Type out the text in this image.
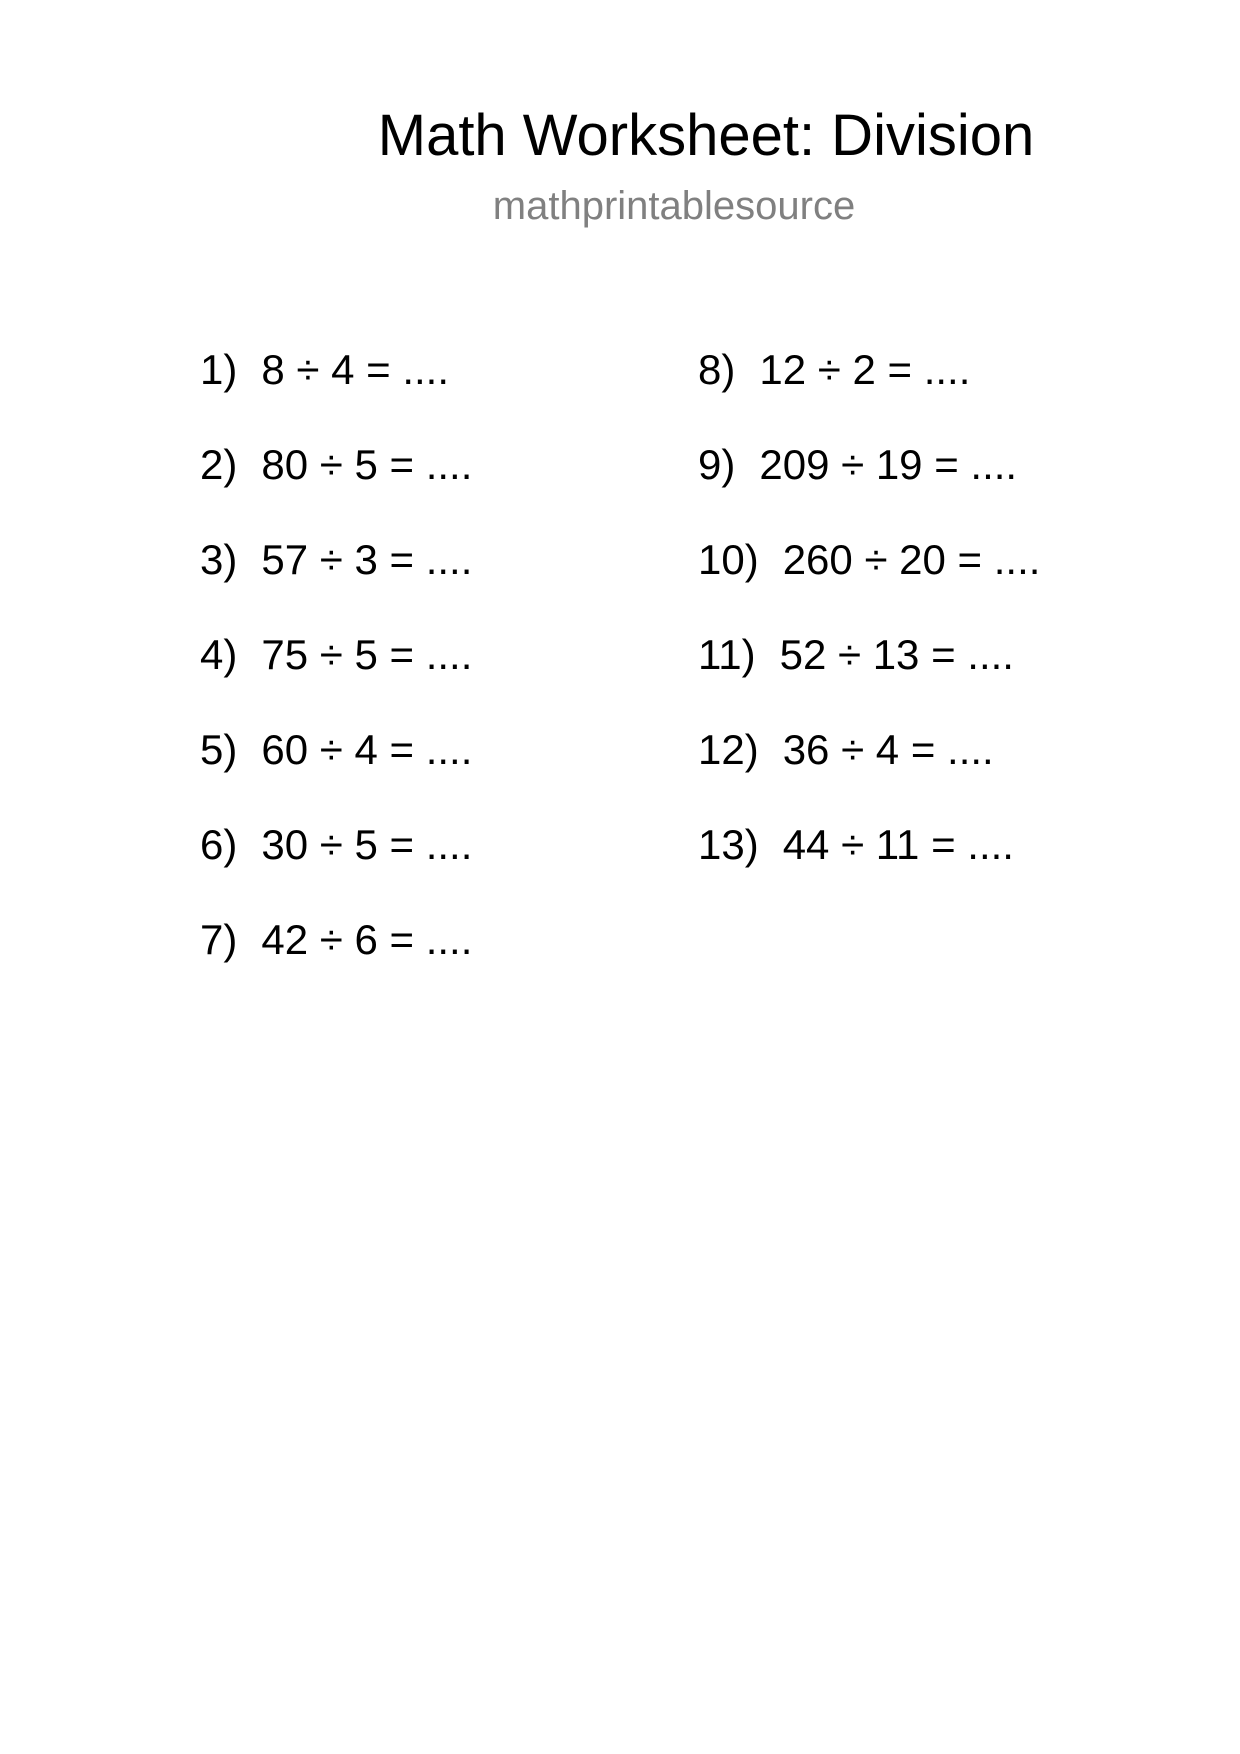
Math Worksheet: Division
mathprintablesource
1) 8 ÷ 4 = ....
2) 80 ÷ 5 = ....
3) 57 ÷ 3 = ....
4) 75 ÷ 5 = ....
5) 60 ÷ 4 = ....
6) 30 ÷ 5 = ....
7) 42 ÷ 6 = ....
8) 12 ÷ 2 = ....
9) 209 ÷ 19 = ....
10) 260 ÷ 20 = ....
11) 52 ÷ 13 = ....
12) 36 ÷ 4 = ....
13) 44 ÷ 11 = ....
